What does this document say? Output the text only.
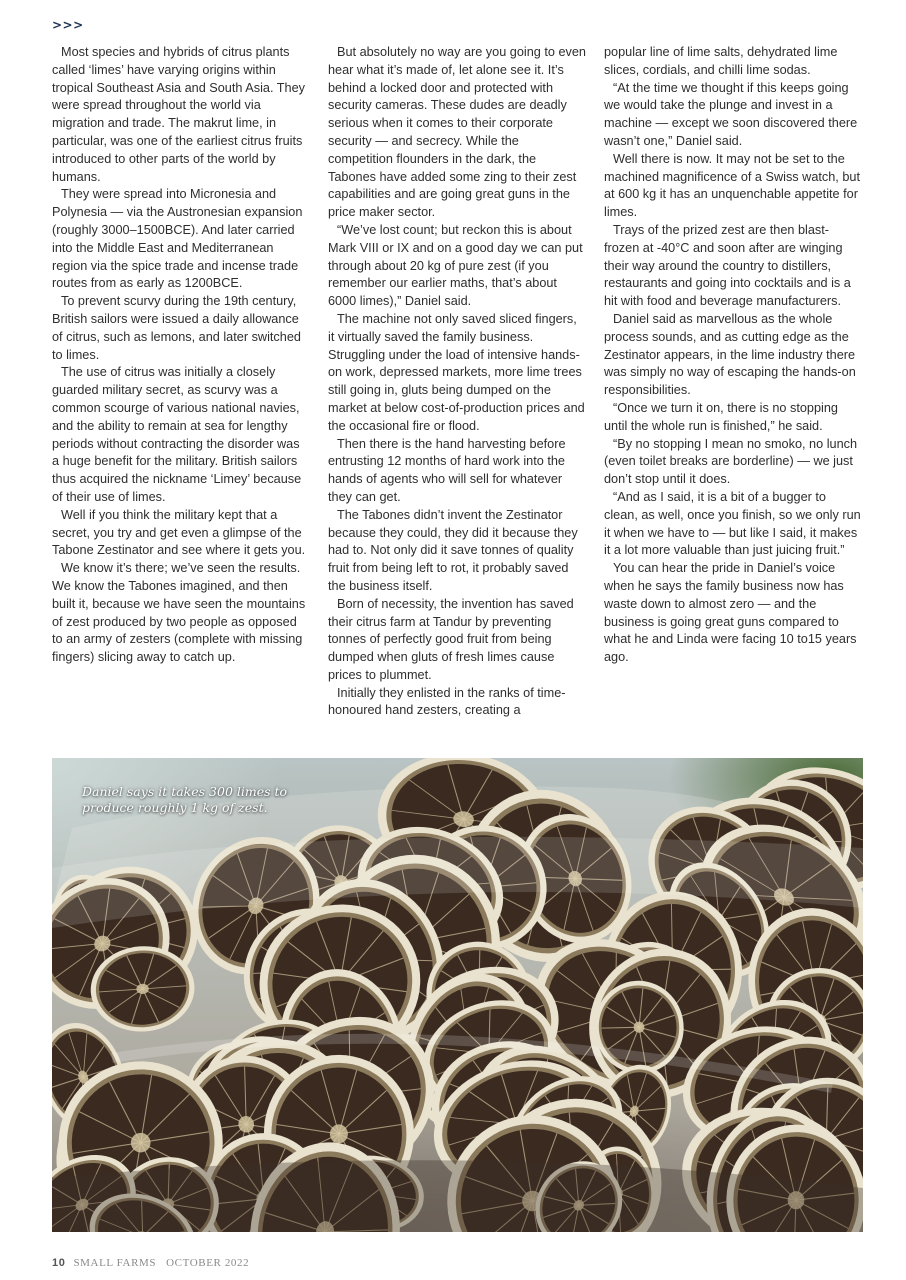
>>>

Most species and hybrids of citrus plants called ‘limes’ have varying origins within tropical Southeast Asia and South Asia. They were spread throughout the world via migration and trade. The makrut lime, in particular, was one of the earliest citrus fruits introduced to other parts of the world by humans.

They were spread into Micronesia and Polynesia — via the Austronesian expansion (roughly 3000–1500BCE). And later carried into the Middle East and Mediterranean region via the spice trade and incense trade routes from as early as 1200BCE.

To prevent scurvy during the 19th century, British sailors were issued a daily allowance of citrus, such as lemons, and later switched to limes.

The use of citrus was initially a closely guarded military secret, as scurvy was a common scourge of various national navies, and the ability to remain at sea for lengthy periods without contracting the disorder was a huge benefit for the military. British sailors thus acquired the nickname ‘Limey’ because of their use of limes.

Well if you think the military kept that a secret, you try and get even a glimpse of the Tabone Zestinator and see where it gets you.

We know it’s there; we’ve seen the results. We know the Tabones imagined, and then built it, because we have seen the mountains of zest produced by two people as opposed to an army of zesters (complete with missing fingers) slicing away to catch up.

But absolutely no way are you going to even hear what it’s made of, let alone see it. It’s behind a locked door and protected with security cameras. These dudes are deadly serious when it comes to their corporate security — and secrecy. While the competition flounders in the dark, the Tabones have added some zing to their zest capabilities and are going great guns in the price maker sector.

“We’ve lost count; but reckon this is about Mark VIII or IX and on a good day we can put through about 20 kg of pure zest (if you remember our earlier maths, that’s about 6000 limes),” Daniel said.

The machine not only saved sliced fingers, it virtually saved the family business. Struggling under the load of intensive hands-on work, depressed markets, more lime trees still going in, gluts being dumped on the market at below cost-of-production prices and the occasional fire or flood.

Then there is the hand harvesting before entrusting 12 months of hard work into the hands of agents who will sell for whatever they can get.

The Tabones didn’t invent the Zestinator because they could, they did it because they had to. Not only did it save tonnes of quality fruit from being left to rot, it probably saved the business itself.

Born of necessity, the invention has saved their citrus farm at Tandur by preventing tonnes of perfectly good fruit from being dumped when gluts of fresh limes cause prices to plummet.

Initially they enlisted in the ranks of time-honoured hand zesters, creating a

popular line of lime salts, dehydrated lime slices, cordials, and chilli lime sodas.

“At the time we thought if this keeps going we would take the plunge and invest in a machine — except we soon discovered there wasn’t one,” Daniel said.

Well there is now. It may not be set to the machined magnificence of a Swiss watch, but at 600 kg it has an unquenchable appetite for limes.

Trays of the prized zest are then blast-frozen at -40°C and soon after are winging their way around the country to distillers, restaurants and going into cocktails and is a hit with food and beverage manufacturers.

Daniel said as marvellous as the whole process sounds, and as cutting edge as the Zestinator appears, in the lime industry there was simply no way of escaping the hands-on responsibilities.

“Once we turn it on, there is no stopping until the whole run is finished,” he said.

“By no stopping I mean no smoko, no lunch (even toilet breaks are borderline) — we just don’t stop until it does.

“And as I said, it is a bit of a bugger to clean, as well, once you finish, so we only run it when we have to — but like I said, it makes it a lot more valuable than just juicing fruit.”

You can hear the pride in Daniel’s voice when he says the family business now has waste down to almost zero — and the business is going great guns compared to what he and Linda were facing 10 to15 years ago.

Daniel says it takes 300 limes to
produce roughly 1 kg of zest.
10 SMALL FARMS OCTOBER 2022
